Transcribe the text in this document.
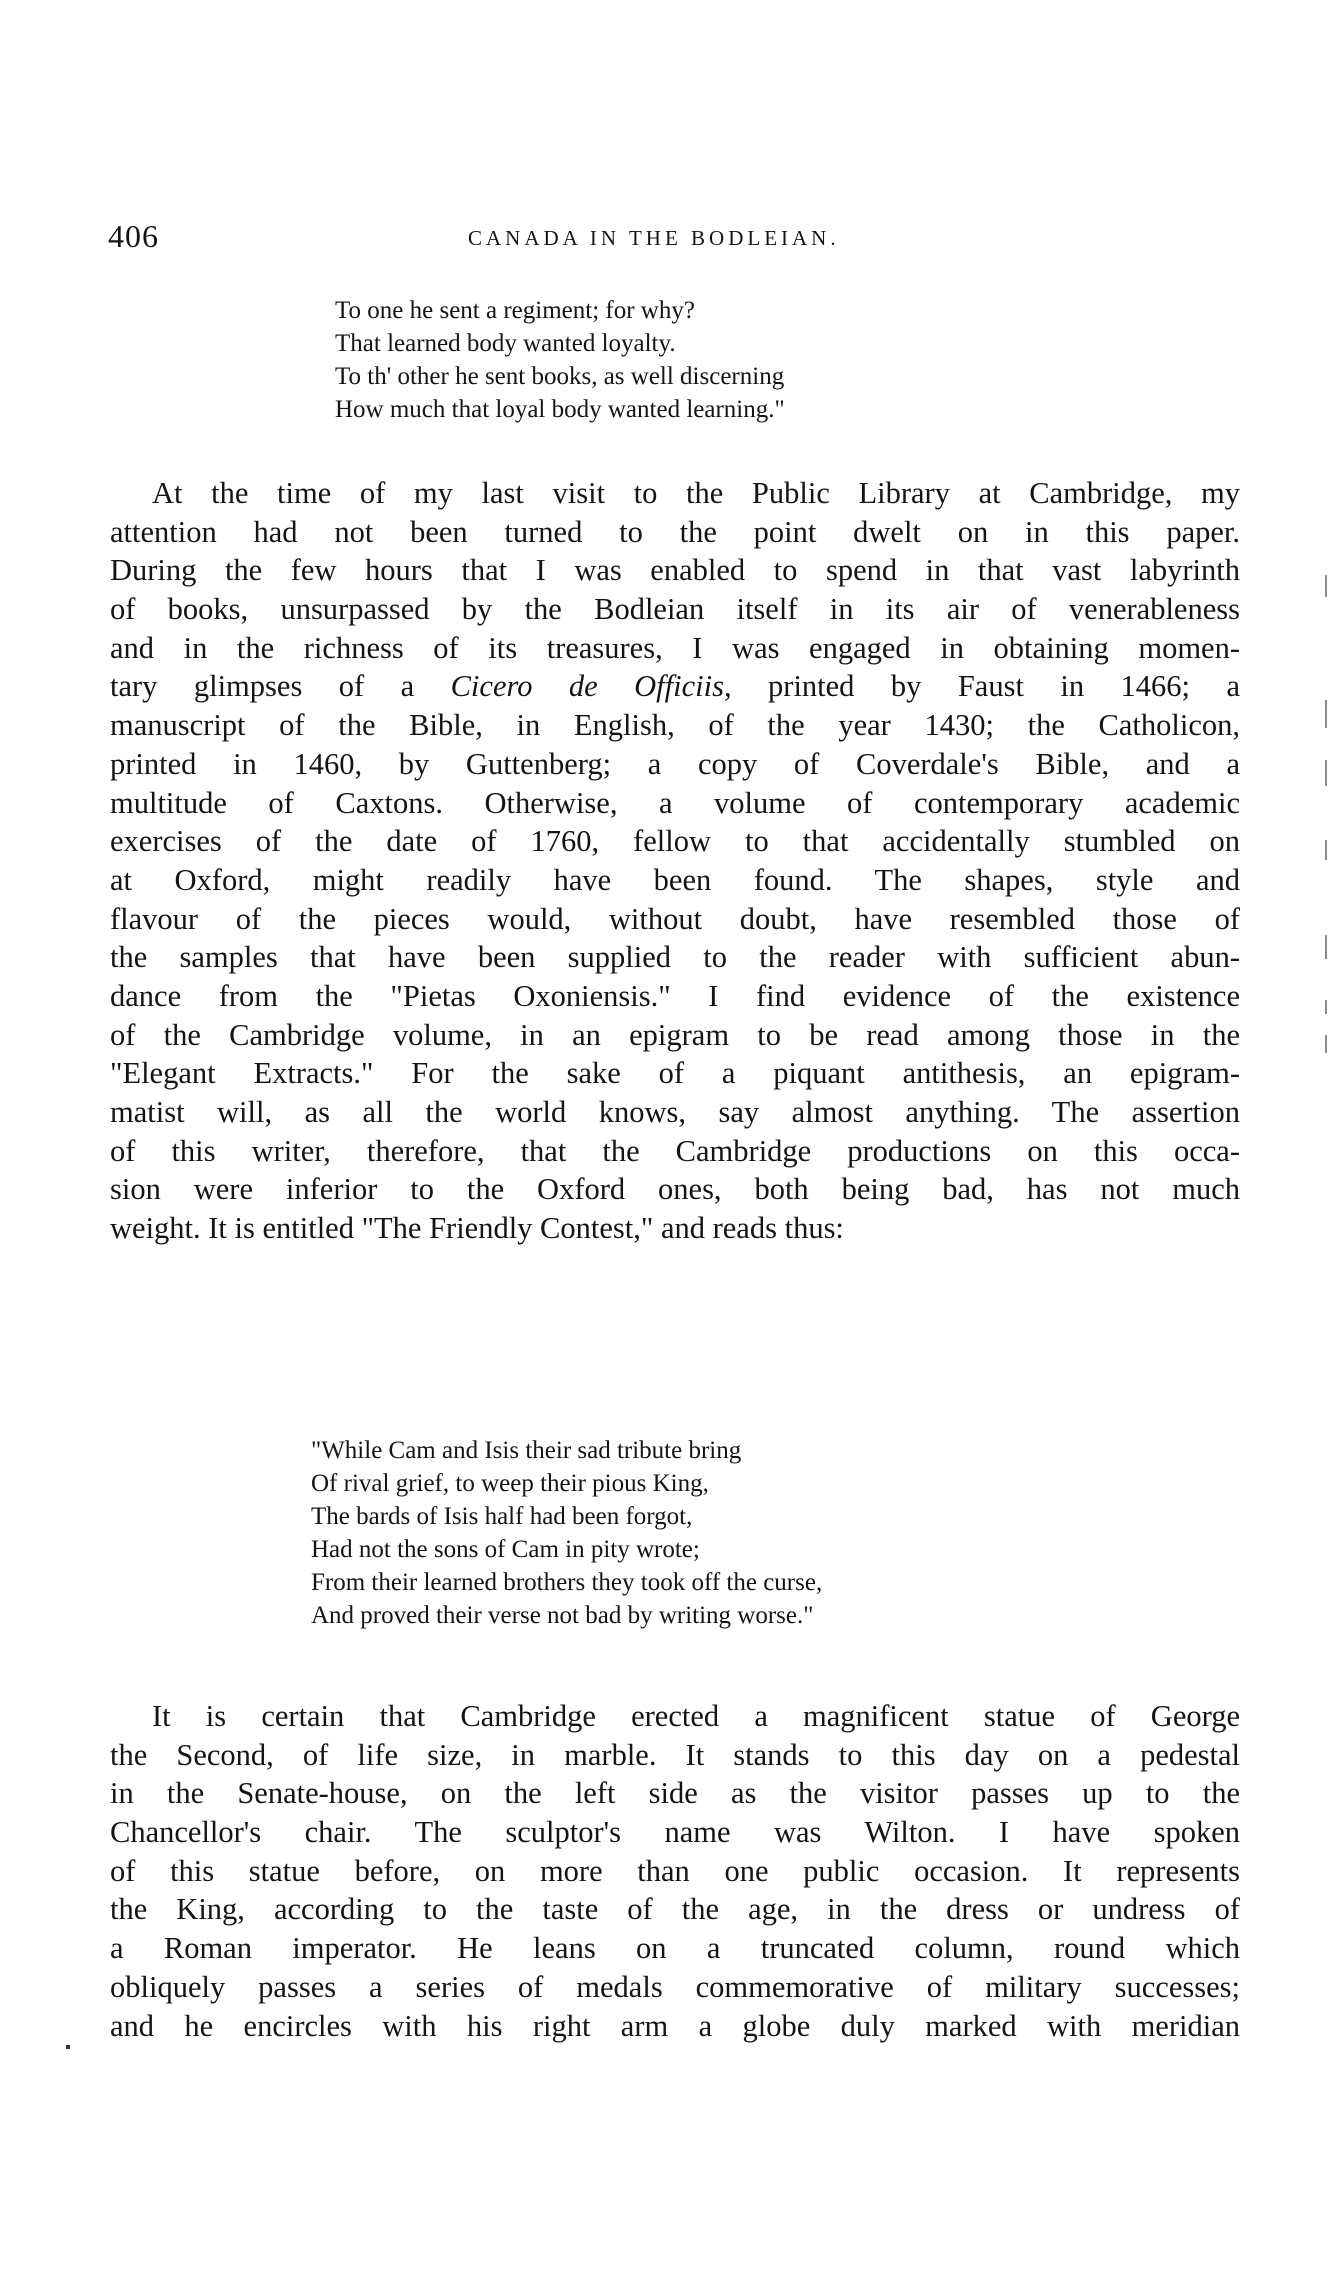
406	CANADA IN THE BODLEIAN.
To one he sent a regiment; for why?
That learned body wanted loyalty.
To th' other he sent books, as well discerning
How much that loyal body wanted learning."
At the time of my last visit to the Public Library at Cambridge, my
attention had not been turned to the point dwelt on in this paper.
During the few hours that I was enabled to spend in that vast labyrinth
of books, unsurpassed by the Bodleian itself in its air of venerableness
and in the richness of its treasures, I was engaged in obtaining momen-
tary glimpses of a Cicero de Officiis, printed by Faust in 1466; a
manuscript of the Bible, in English, of the year 1430; the Catholicon,
printed in 1460, by Guttenberg; a copy of Coverdale's Bible, and a
multitude of Caxtons. Otherwise, a volume of contemporary academic
exercises of the date of 1760, fellow to that accidentally stumbled on
at Oxford, might readily have been found. The shapes, style and
flavour of the pieces would, without doubt, have resembled those of
the samples that have been supplied to the reader with sufficient abun-
dance from the "Pietas Oxoniensis." I find evidence of the existence
of the Cambridge volume, in an epigram to be read among those in the
"Elegant Extracts." For the sake of a piquant antithesis, an epigram-
matist will, as all the world knows, say almost anything. The assertion
of this writer, therefore, that the Cambridge productions on this occa-
sion were inferior to the Oxford ones, both being bad, has not much
weight. It is entitled "The Friendly Contest," and reads thus:
"While Cam and Isis their sad tribute bring
Of rival grief, to weep their pious King,
The bards of Isis half had been forgot,
Had not the sons of Cam in pity wrote;
From their learned brothers they took off the curse,
And proved their verse not bad by writing worse."
It is certain that Cambridge erected a magnificent statue of George
the Second, of life size, in marble. It stands to this day on a pedestal
in the Senate-house, on the left side as the visitor passes up to the
Chancellor's chair. The sculptor's name was Wilton. I have spoken
of this statue before, on more than one public occasion. It represents
the King, according to the taste of the age, in the dress or undress of
a Roman imperator. He leans on a truncated column, round which
obliquely passes a series of medals commemorative of military successes;
and he encircles with his right arm a globe duly marked with meridian
